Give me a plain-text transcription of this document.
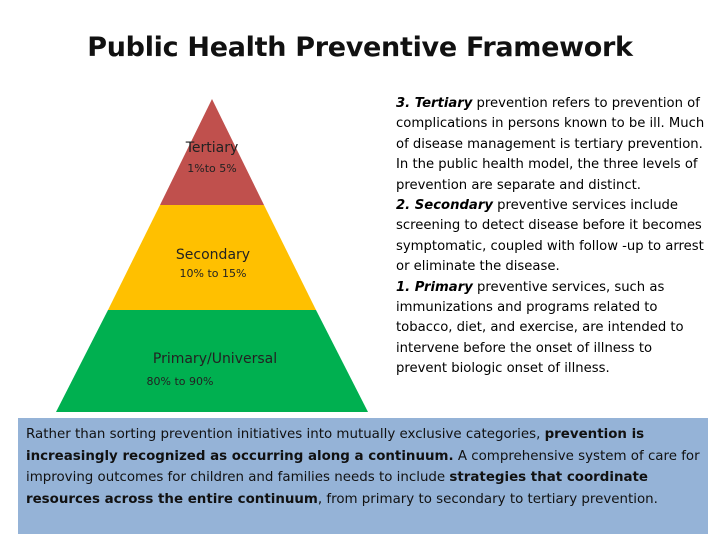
Public Health Preventive Framework
Tertiary
1%to 5%
Secondary
10% to 15%
Primary/Universal
80% to 90%

3. Tertiary prevention refers to prevention of complications in persons known to be ill. Much of disease management is tertiary prevention. In the public health model, the three levels of prevention are separate and distinct.

2. Secondary preventive services include screening to detect disease before it becomes symptomatic, coupled with follow -up to arrest or eliminate the disease.

1. Primary preventive services, such as immunizations and programs related to tobacco, diet, and exercise, are intended to intervene before the onset of illness to prevent biologic onset of illness.

Rather than sorting prevention initiatives into mutually exclusive categories, prevention is increasingly recognized as occurring along a continuum. A comprehensive system of care for improving outcomes for children and families needs to include strategies that coordinate resources across the entire continuum, from primary to secondary to tertiary prevention.
